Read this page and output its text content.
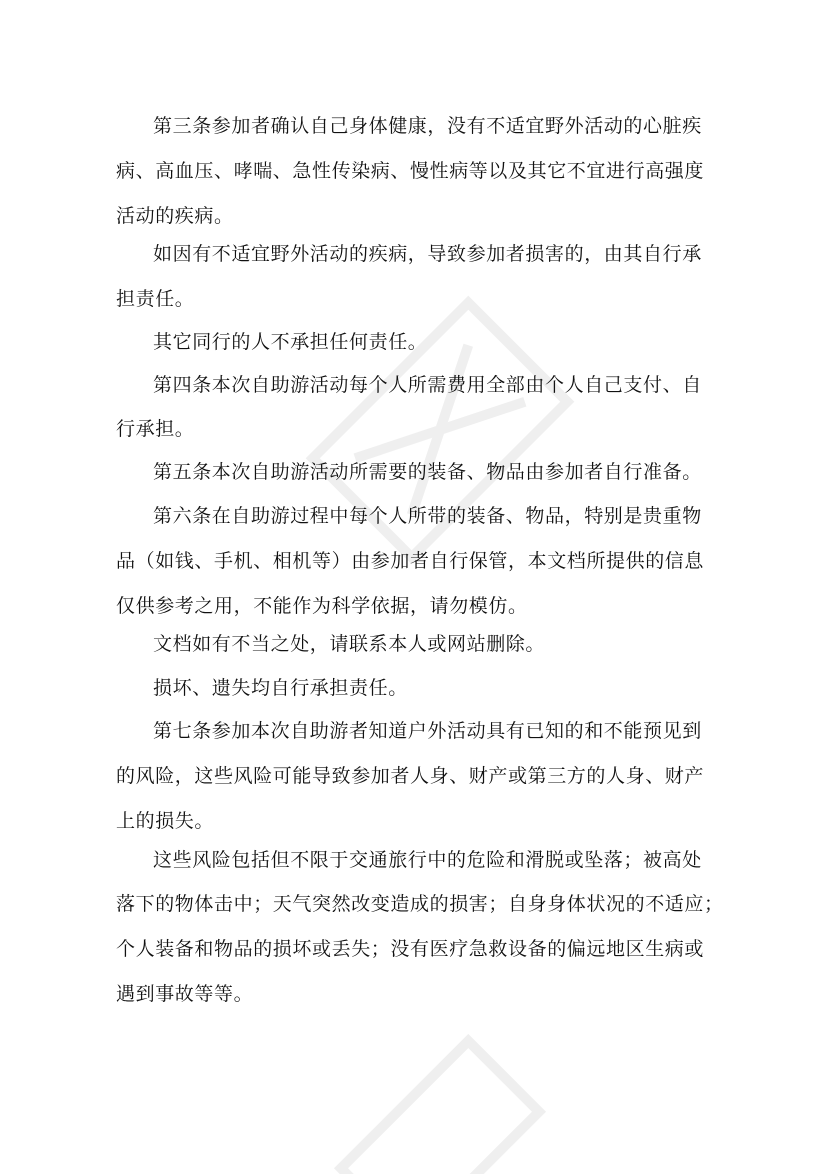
第三条参加者确认自己身体健康，没有不适宜野外活动的心脏疾
病、高血压、哮喘、急性传染病、慢性病等以及其它不宜进行高强度
活动的疾病。
如因有不适宜野外活动的疾病，导致参加者损害的，由其自行承
担责任。
其它同行的人不承担任何责任。
第四条本次自助游活动每个人所需费用全部由个人自己支付、自
行承担。
第五条本次自助游活动所需要的装备、物品由参加者自行准备。
第六条在自助游过程中每个人所带的装备、物品，特别是贵重物
品（如钱、手机、相机等）由参加者自行保管，本文档所提供的信息
仅供参考之用，不能作为科学依据，请勿模仿。
文档如有不当之处，请联系本人或网站删除。
损坏、遗失均自行承担责任。
第七条参加本次自助游者知道户外活动具有已知的和不能预见到
的风险，这些风险可能导致参加者人身、财产或第三方的人身、财产
上的损失。
这些风险包括但不限于交通旅行中的危险和滑脱或坠落；被高处
落下的物体击中；天气突然改变造成的损害；自身身体状况的不适应；
个人装备和物品的损坏或丢失；没有医疗急救设备的偏远地区生病或
遇到事故等等。
